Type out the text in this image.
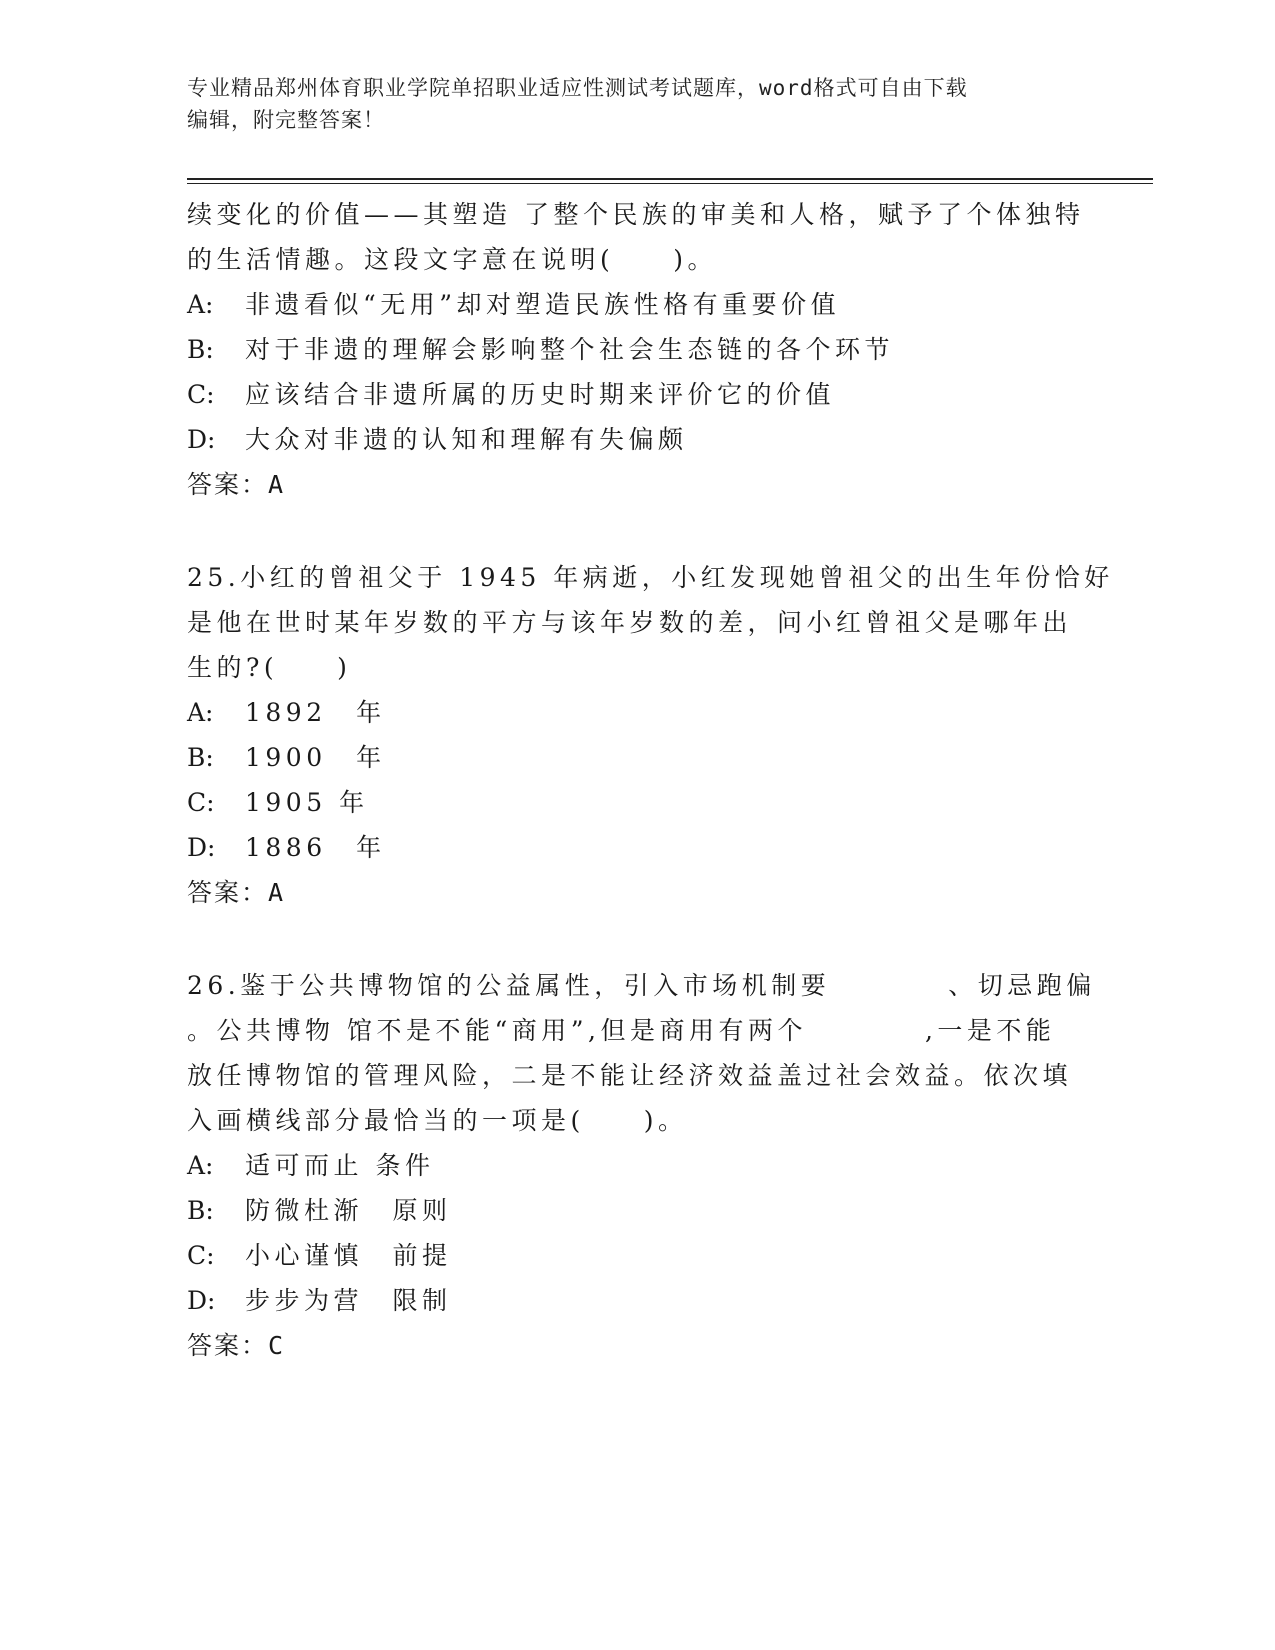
专业精品郑州体育职业学院单招职业适应性测试考试题库，word格式可自由下载
编辑，附完整答案！
续变化的价值——其塑造 了整个民族的审美和人格，赋予了个体独特
的生活情趣。这段文字意在说明(　　)。
A: 非遗看似“无用”却对塑造民族性格有重要价值
B: 对于非遗的理解会影响整个社会生态链的各个环节
C: 应该结合非遗所属的历史时期来评价它的价值
D: 大众对非遗的认知和理解有失偏颇
答案：A
25.小红的曾祖父于 1945 年病逝，小红发现她曾祖父的出生年份恰好
是他在世时某年岁数的平方与该年岁数的差，问小红曾祖父是哪年出
生的?(　　)
A: 1892　年
B: 1900　年
C: 1905 年
D: 1886　年
答案：A
26.鉴于公共博物馆的公益属性，引入市场机制要　　　　、切忌跑偏
。公共博物 馆不是不能“商用”,但是商用有两个　　　　,一是不能
放任博物馆的管理风险，二是不能让经济效益盖过社会效益。依次填
入画横线部分最恰当的一项是(　　)。
A: 适可而止 条件
B: 防微杜渐　原则
C: 小心谨慎　前提
D: 步步为营　限制
答案：C
